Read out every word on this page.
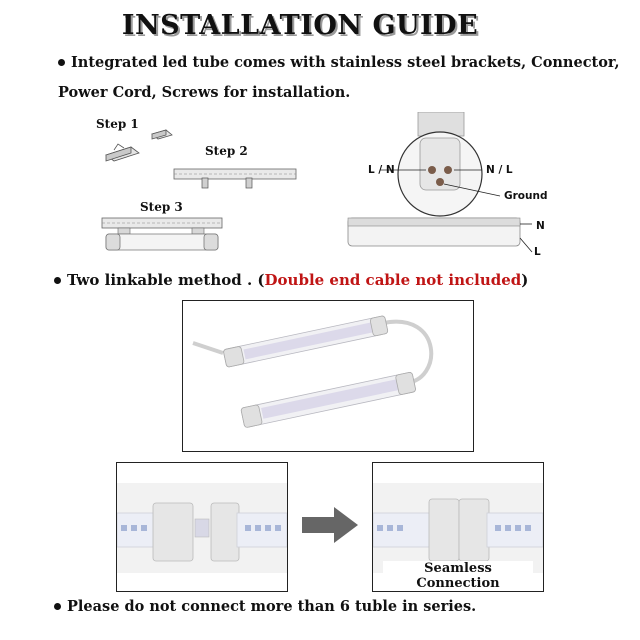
INSTALLATION GUIDE
Integrated led tube comes with stainless steel brackets, Connector,
Power Cord, Screws for installation.
Step 1
Step 2
Step 3
L / N	N / L
Ground
N
L
Two linkable method . (Double end cable not included)
Seamless Connection
Please do not connect more than 6 tuble in series.
